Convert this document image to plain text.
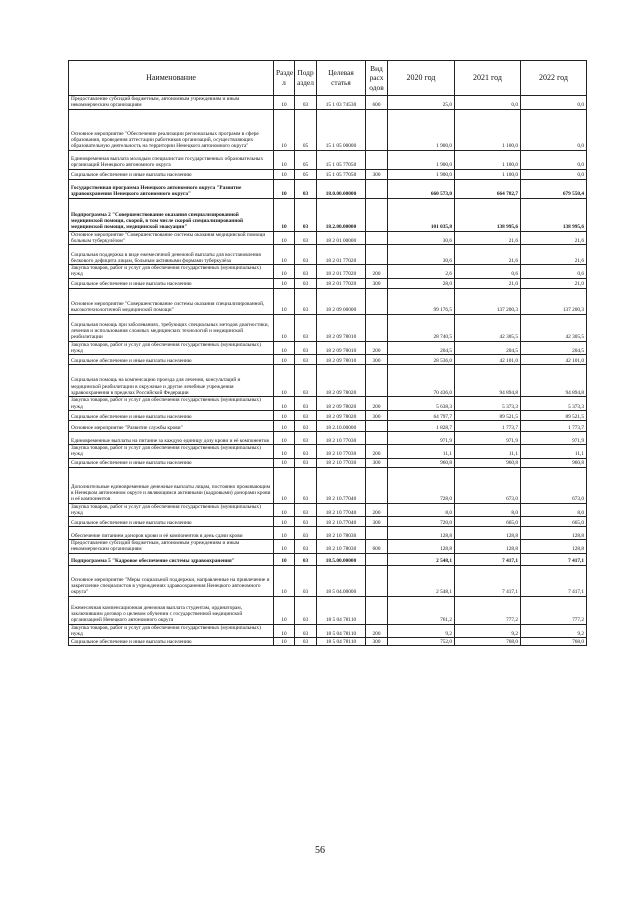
Наименование	Разде л	Подр аздел	Целевая статья	Вид расх одов	2020 год	2021 год	2022 год
Предоставление субсидий бюджетным, автономным учреждениям и иным некоммерческим организациям	10	03	15 1 03 74530	600	25,0	0,0	0,0
Основное мероприятие "Обеспечение реализации региональных программ в сфере образования, проведения аттестации работников организаций, осуществляющих образовательную деятельность на территории Ненецкого автономного округа"	10	05	15 1 05 00000		1 900,0	1 100,0	0,0
Единовременная выплата молодым специалистам государственных образовательных организаций Ненецкого автономного округа	10	05	15 1 05 77050		1 900,0	1 100,0	0,0
Социальное обеспечение и иные выплаты населению	10	05	15 1 05 77050	300	1 900,0	1 100,0	0,0
Государственная программа Ненецкого автономного округа "Развитие здравоохранения Ненецкого автономного округа"	10	03	18.0.00.00000		660 573,0	664 782,7	679 550,4
Подпрограмма 2 "Совершенствование оказания специализированной медицинской помощи, скорой, в том числе скорой специализированной медицинской помощи, медицинской эвакуации"	10	03	18.2.00.00000		101 035,8	138 995,6	138 995,6
Основное мероприятие "Совершенствование системы оказания медицинской помощи больным туберкулёзом"	10	03	18 2 01 00000		30,6	21,6	21,6
Социальная поддержка в виде ежемесячной денежной выплаты для восстановления белкового дефицита лицам, больным активными формами туберкулёза	10	03	18 2 01 77020		30,6	21,6	21,6
Закупка товаров, работ и услуг для обеспечения государственных (муниципальных) нужд	10	03	18 2 01 77020	200	2,6	0,6	0,6
Социальное обеспечение и иные выплаты населению	10	03	18 2 01 77020	300	28,0	21,0	21,0
Основное мероприятие "Совершенствование системы оказания специализированной, высокотехнологичной медицинской помощи"	10	03	18 2 09 00000		99 176,5	137 200,3	137 200,3
Социальная помощь при заболеваниях, требующих специальных методов диагностики, лечения и использования сложных медицинских технологий и медицинской реабилитации	10	03	18 2 09 78010		28 740,5	42 305,5	42 305,5
Закупка товаров, работ и услуг для обеспечения государственных (муниципальных) нужд	10	03	18 2 09 78010	200	204,5	204,5	204,5
Социальное обеспечение и иные выплаты населению	10	03	18 2 09 78010	300	28 536,0	42 101,0	42 101,0
Социальная помощь на компенсацию проезда для лечения, консультаций и медицинской реабилитации в окружные и другие лечебные учреждения здравоохранения в пределах Российской Федерации	10	03	18 2 09 78020		70 436,0	94 894,8	94 894,8
Закупка товаров, работ и услуг для обеспечения государственных (муниципальных) нужд	10	03	18 2 09 78020	200	5 638,3	5 373,3	5 373,3
Социальное обеспечение и иные выплаты населению	10	03	18 2 09 78020	300	64 797,7	89 521,5	89 521,5
Основное мероприятие "Развитие службы крови"	10	03	18 2.10.00000		1 828,7	1 773,7	1 773,7
Единовременные выплаты на питание за каждую единицу дозу крови и её компонентов	10	03	18 2 10 77030		971,9	971,9	971,9
Закупка товаров, работ и услуг для обеспечения государственных (муниципальных) нужд	10	03	18 2 10 77030	200	11,1	11,1	11,1
Социальное обеспечение и иные выплаты населению	10	03	18 2 10 77030	300	960,8	960,8	960,8
Дополнительные единовременные денежные выплаты лицам, постоянно проживающим в Ненецком автономном округе и являющимся активными (кадровыми) донорами крови и её компонентов	10	03	18 2 10.77040		728,0	673,0	673,0
Закупка товаров, работ и услуг для обеспечения государственных (муниципальных) нужд	10	03	18 2 10 77040	200	8,0	8,0	8,0
Социальное обеспечение и иные выплаты населению	10	03	18 2 10.77040	300	720,0	665,0	665,0
Обеспечение питанием доноров крови и её компонентов в день сдачи крови	10	03	18 2 10 78030		128,8	128,8	128,8
Предоставление субсидий бюджетным, автономным учреждениям и иным некоммерческим организациям	10	03	18 2 10 78030	600	128,8	128,8	128,8
Подпрограмма 5 "Кадровое обеспечение системы здравоохранения"	10	03	18.5.00.00000		2 548,1	7 417,1	7 417,1
Основное мероприятие "Меры социальной поддержки, направленные на привлечение и закрепление специалистов в учреждениях здравоохранения Ненецкого автономного округа"	10	03	18 5 04.00000		2 548,1	7 417,1	7 417,1
Ежемесячная компенсационная денежная выплата студентам, ординаторам, заключившим договор о целевом обучении с государственной медицинской организацией Ненецкого автономного округа	10	03	18 5 04 78110		761,2	777,2	777,2
Закупка товаров, работ и услуг для обеспечения государственных (муниципальных) нужд	10	03	18 5 04 78110	200	9,2	9,2	9,2
Социальное обеспечение и иные выплаты населению	10	03	18 5 04 78110	300	752,0	768,0	768,0
56
